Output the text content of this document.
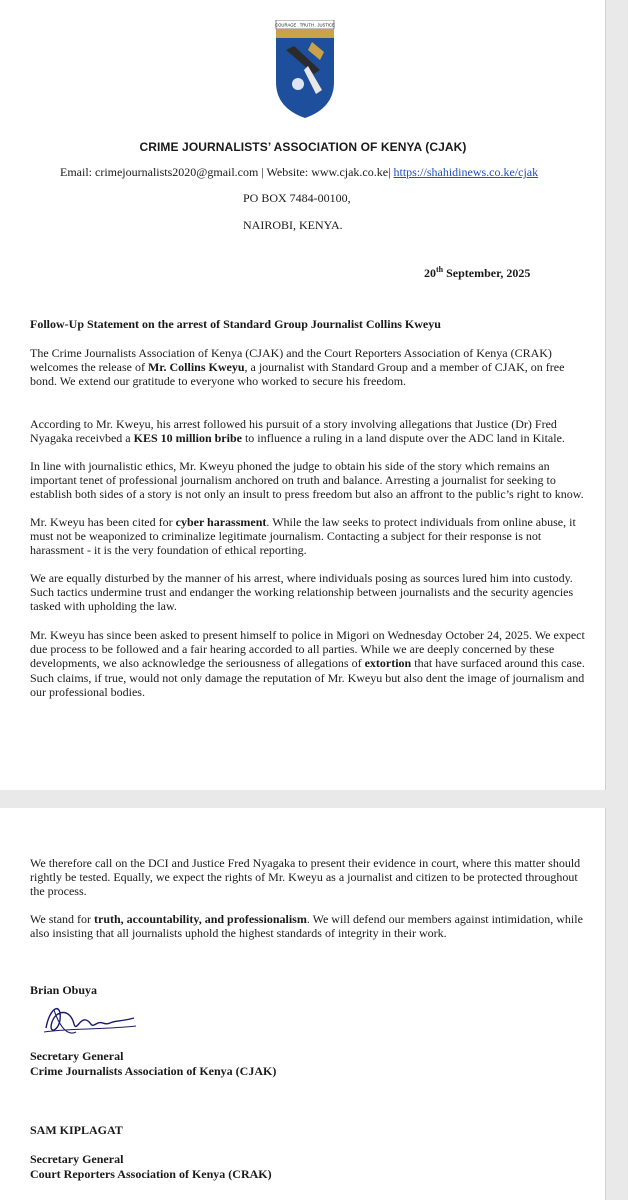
COURAGE . TRUTH . JUSTICE
CRIME JOURNALISTS’ ASSOCIATION OF KENYA (CJAK)
Email: crimejournalists2020@gmail.com | Website: www.cjak.co.ke| https://shahidinews.co.ke/cjak
PO BOX 7484-00100,
NAIROBI, KENYA.
20th September, 2025
Follow-Up Statement on the arrest of Standard Group Journalist Collins Kweyu

The Crime Journalists Association of Kenya (CJAK) and the Court Reporters Association of Kenya (CRAK) welcomes the release of Mr. Collins Kweyu, a journalist with Standard Group and a member of CJAK, on free bond. We extend our gratitude to everyone who worked to secure his freedom.

According to Mr. Kweyu, his arrest followed his pursuit of a story involving allegations that Justice (Dr) Fred Nyagaka receivbed a KES 10 million bribe to influence a ruling in a land dispute over the ADC land in Kitale.

In line with journalistic ethics, Mr. Kweyu phoned the judge to obtain his side of the story which remains an important tenet of professional journalism anchored on truth and balance. Arresting a journalist for seeking to establish both sides of a story is not only an insult to press freedom but also an affront to the public’s right to know.

Mr. Kweyu has been cited for cyber harassment. While the law seeks to protect individuals from online abuse, it must not be weaponized to criminalize legitimate journalism. Contacting a subject for their response is not harassment - it is the very foundation of ethical reporting.

We are equally disturbed by the manner of his arrest, where individuals posing as sources lured him into custody. Such tactics undermine trust and endanger the working relationship between journalists and the security agencies tasked with upholding the law.

Mr. Kweyu has since been asked to present himself to police in Migori on Wednesday October 24, 2025. We expect due process to be followed and a fair hearing accorded to all parties. While we are deeply concerned by these developments, we also acknowledge the seriousness of allegations of extortion that have surfaced around this case. Such claims, if true, would not only damage the reputation of Mr. Kweyu but also dent the image of journalism and our professional bodies.

We therefore call on the DCI and Justice Fred Nyagaka to present their evidence in court, where this matter should rightly be tested. Equally, we expect the rights of Mr. Kweyu as a journalist and citizen to be protected throughout the process.

We stand for truth, accountability, and professionalism. We will defend our members against intimidation, while also insisting that all journalists uphold the highest standards of integrity in their work.

Brian Obuya
Secretary General
Crime Journalists Association of Kenya (CJAK)
SAM KIPLAGAT
Secretary General
Court Reporters Association of Kenya (CRAK)
